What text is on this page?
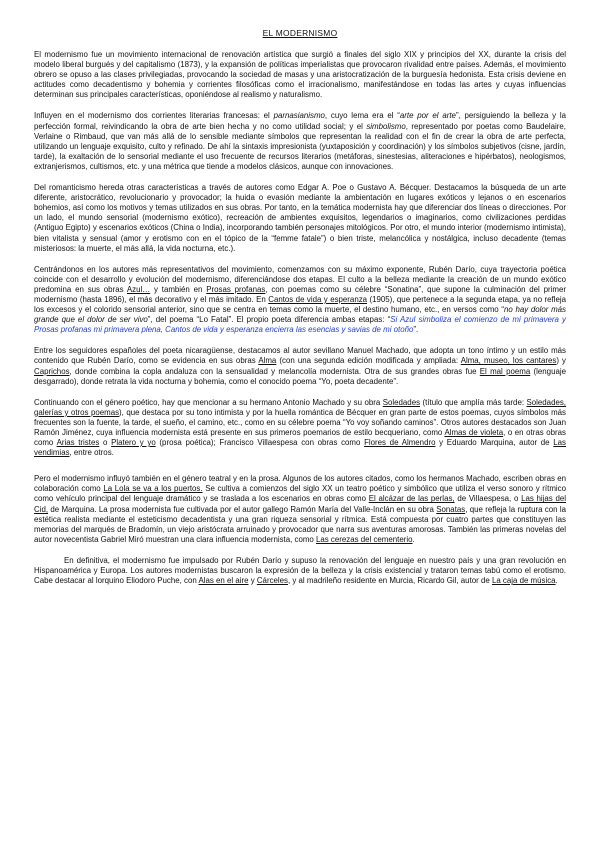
EL MODERNISMO

El modernismo fue un movimiento internacional de renovación artística que surgió a finales del siglo XIX y principios del XX, durante la crisis del modelo liberal burgués y del capitalismo (1873), y la expansión de políticas imperialistas que provocaron rivalidad entre países. Además, el movimiento obrero se opuso a las clases privilegiadas, provocando la sociedad de masas y una aristocratización de la burguesía hedonista. Esta crisis deviene en actitudes como decadentismo y bohemia y corrientes filosóficas como el irracionalismo, manifestándose en todas las artes y cuyas influencias determinan sus principales características, oponiéndose al realismo y naturalismo.

Influyen en el modernismo dos corrientes literarias francesas: el parnasianismo, cuyo lema era el “arte por el arte”, persiguiendo la belleza y la perfección formal, reivindicando la obra de arte bien hecha y no como utilidad social; y el simbolismo, representado por poetas como Baudelaire, Verlaine o Rimbaud, que van más allá de lo sensible mediante símbolos que representan la realidad con el fin de crear la obra de arte perfecta, utilizando un lenguaje exquisito, culto y refinado. De ahí la sintaxis impresionista (yuxtaposición y coordinación) y los símbolos subjetivos (cisne, jardín, tarde), la exaltación de lo sensorial mediante el uso frecuente de recursos literarios (metáforas, sinestesias, aliteraciones e hipérbatos), neologismos, extranjerismos, cultismos, etc. y una métrica que tiende a modelos clásicos, aunque con innovaciones.

Del romanticismo hereda otras características a través de autores como Edgar A. Poe o Gustavo A. Bécquer. Destacamos la búsqueda de un arte diferente, aristocrático, revolucionario y provocador; la huida o evasión mediante la ambientación en lugares exóticos y lejanos o en escenarios bohemios, así como los motivos y temas utilizados en sus obras. Por tanto, en la temática modernista hay que diferenciar dos líneas o direcciones. Por un lado, el mundo sensorial (modernismo exótico), recreación de ambientes exquisitos, legendarios o imaginarios, como civilizaciones perdidas (Antiguo Egipto) y escenarios exóticos (China o India), incorporando también personajes mitológicos. Por otro, el mundo interior (modernismo intimista), bien vitalista y sensual (amor y erotismo con en el tópico de la “femme fatale”) o bien triste, melancólica y nostálgica, incluso decadente (temas misteriosos: la muerte, el más allá, la vida nocturna, etc.).

Centrándonos en los autores más representativos del movimiento, comenzamos con su máximo exponente, Rubén Darío, cuya trayectoria poética coincide con el desarrollo y evolución del modernismo, diferenciándose dos etapas. El culto a la belleza mediante la creación de un mundo exótico predomina en sus obras Azul… y también en Prosas profanas, con poemas como su célebre “Sonatina”, que supone la culminación del primer modernismo (hasta 1896), el más decorativo y el más imitado. En Cantos de vida y esperanza (1905), que pertenece a la segunda etapa, ya no refleja los excesos y el colorido sensorial anterior, sino que se centra en temas como la muerte, el destino humano, etc., en versos como “no hay dolor más grande que el dolor de ser vivo”, del poema “Lo Fatal”. El propio poeta diferencia ambas etapas: “Si Azul simboliza el comienzo de mi primavera y Prosas profanas mi primavera plena, Cantos de vida y esperanza encierra las esencias y savias de mi otoño”.

Entre los seguidores españoles del poeta nicaragüense, destacamos al autor sevillano Manuel Machado, que adopta un tono íntimo y un estilo más contenido que Rubén Darío, como se evidencia en sus obras Alma (con una segunda edición modificada y ampliada: Alma, museo, los cantares) y Caprichos, donde combina la copla andaluza con la sensualidad y melancolía modernista. Otra de sus grandes obras fue El mal poema (lenguaje desgarrado), donde retrata la vida nocturna y bohemia, como el conocido poema “Yo, poeta decadente”.

Continuando con el género poético, hay que mencionar a su hermano Antonio Machado y su obra Soledades (título que amplía más tarde: Soledades, galerías y otros poemas), que destaca por su tono intimista y por la huella romántica de Bécquer en gran parte de estos poemas, cuyos símbolos más frecuentes son la fuente, la tarde, el sueño, el camino, etc., como en su célebre poema “Yo voy soñando caminos”. Otros autores destacados son Juan Ramón Jiménez, cuya influencia modernista está presente en sus primeros poemarios de estilo becqueriano, como Almas de violeta, o en otras obras como Arias tristes o Platero y yo (prosa poética); Francisco Villaespesa con obras como Flores de Almendro y Eduardo Marquina, autor de Las vendimias, entre otros.

Pero el modernismo influyó también en el género teatral y en la prosa. Algunos de los autores citados, como los hermanos Machado, escriben obras en colaboración como La Lola se va a los puertos. Se cultiva a comienzos del siglo XX un teatro poético y simbólico que utiliza el verso sonoro y rítmico como vehículo principal del lenguaje dramático y se traslada a los escenarios en obras como El alcázar de las perlas, de Villaespesa, o Las hijas del Cid, de Marquina. La prosa modernista fue cultivada por el autor gallego Ramón María del Valle-Inclán en su obra Sonatas, que refleja la ruptura con la estética realista mediante el esteticismo decadentista y una gran riqueza sensorial y rítmica. Está compuesta por cuatro partes que constituyen las memorias del marqués de Bradomín, un viejo aristócrata arruinado y provocador que narra sus aventuras amorosas. También las primeras novelas del autor novecentista Gabriel Miró muestran una clara influencia modernista, como Las cerezas del cementerio.

En definitiva, el modernismo fue impulsado por Rubén Darío y supuso la renovación del lenguaje en nuestro país y una gran revolución en Hispanoamérica y Europa. Los autores modernistas buscaron la expresión de la belleza y la crisis existencial y trataron temas tabú como el erotismo. Cabe destacar al lorquino Eliodoro Puche, con Alas en el aire y Cárceles, y al madrileño residente en Murcia, Ricardo Gil, autor de La caja de música.
